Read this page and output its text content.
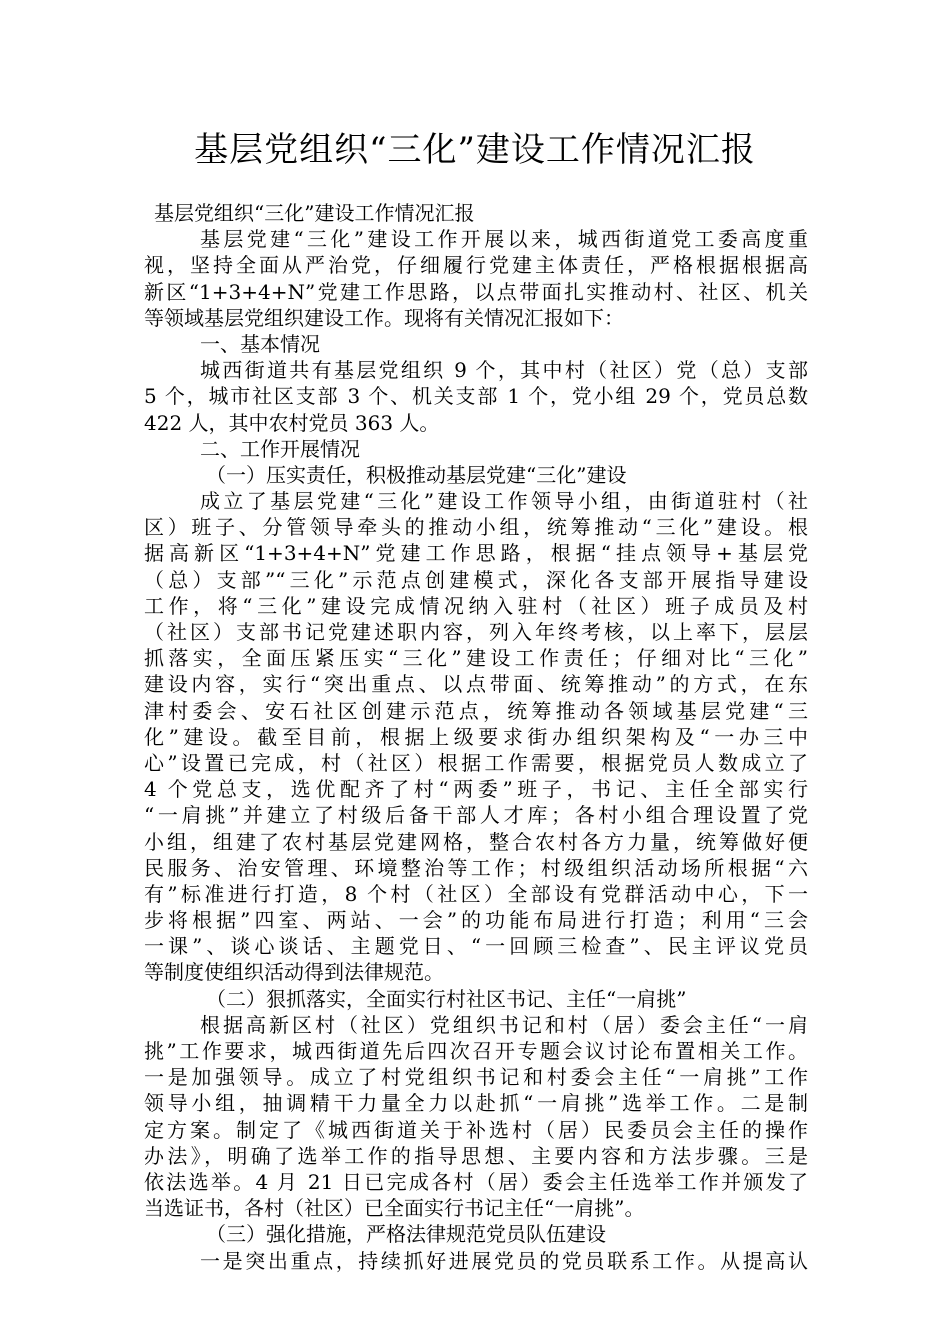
基层党组织“三化”建设工作情况汇报
基层党组织“三化”建设工作情况汇报
基层党建“三化”建设工作开展以来，城西街道党工委高度重
视，坚持全面从严治党，仔细履行党建主体责任，严格根据根据高
新区“1+3+4+N”党建工作思路，以点带面扎实推动村、社区、机关
等领域基层党组织建设工作。现将有关情况汇报如下：
一、基本情况
城西街道共有基层党组织 9 个，其中村（社区）党（总）支部
5 个，城市社区支部 3 个、机关支部 1 个，党小组 29 个，党员总数
422 人，其中农村党员 363 人。
二、工作开展情况
（一）压实责任，积极推动基层党建“三化”建设
成立了基层党建“三化”建设工作领导小组，由街道驻村（社
区）班子、分管领导牵头的推动小组，统筹推动“三化”建设。根
据高新区“1+3+4+N”党建工作思路，根据“挂点领导+基层党
（总）支部”“三化”示范点创建模式，深化各支部开展指导建设
工作，将“三化”建设完成情况纳入驻村（社区）班子成员及村
（社区）支部书记党建述职内容，列入年终考核，以上率下，层层
抓落实，全面压紧压实“三化”建设工作责任；仔细对比“三化”
建设内容，实行“突出重点、以点带面、统筹推动”的方式，在东
津村委会、安石社区创建示范点，统筹推动各领域基层党建“三
化”建设。截至目前，根据上级要求街办组织架构及“一办三中
心”设置已完成，村（社区）根据工作需要，根据党员人数成立了
4 个党总支，选优配齐了村“两委”班子，书记、主任全部实行
“一肩挑”并建立了村级后备干部人才库；各村小组合理设置了党
小组，组建了农村基层党建网格，整合农村各方力量，统筹做好便
民服务、治安管理、环境整治等工作；村级组织活动场所根据“六
有”标准进行打造，8 个村（社区）全部设有党群活动中心，下一
步将根据”四室、两站、一会”的功能布局进行打造；利用“三会
一课”、谈心谈话、主题党日、“一回顾三检查”、民主评议党员
等制度使组织活动得到法律规范。
（二）狠抓落实，全面实行村社区书记、主任“一肩挑”
根据高新区村（社区）党组织书记和村（居）委会主任“一肩
挑”工作要求，城西街道先后四次召开专题会议讨论布置相关工作。
一是加强领导。成立了村党组织书记和村委会主任“一肩挑”工作
领导小组，抽调精干力量全力以赴抓“一肩挑”选举工作。二是制
定方案。制定了《城西街道关于补选村（居）民委员会主任的操作
办法》，明确了选举工作的指导思想、主要内容和方法步骤。三是
依法选举。4 月 21 日已完成各村（居）委会主任选举工作并颁发了
当选证书，各村（社区）已全面实行书记主任“一肩挑”。
（三）强化措施，严格法律规范党员队伍建设
一是突出重点，持续抓好进展党员的党员联系工作。从提高认
